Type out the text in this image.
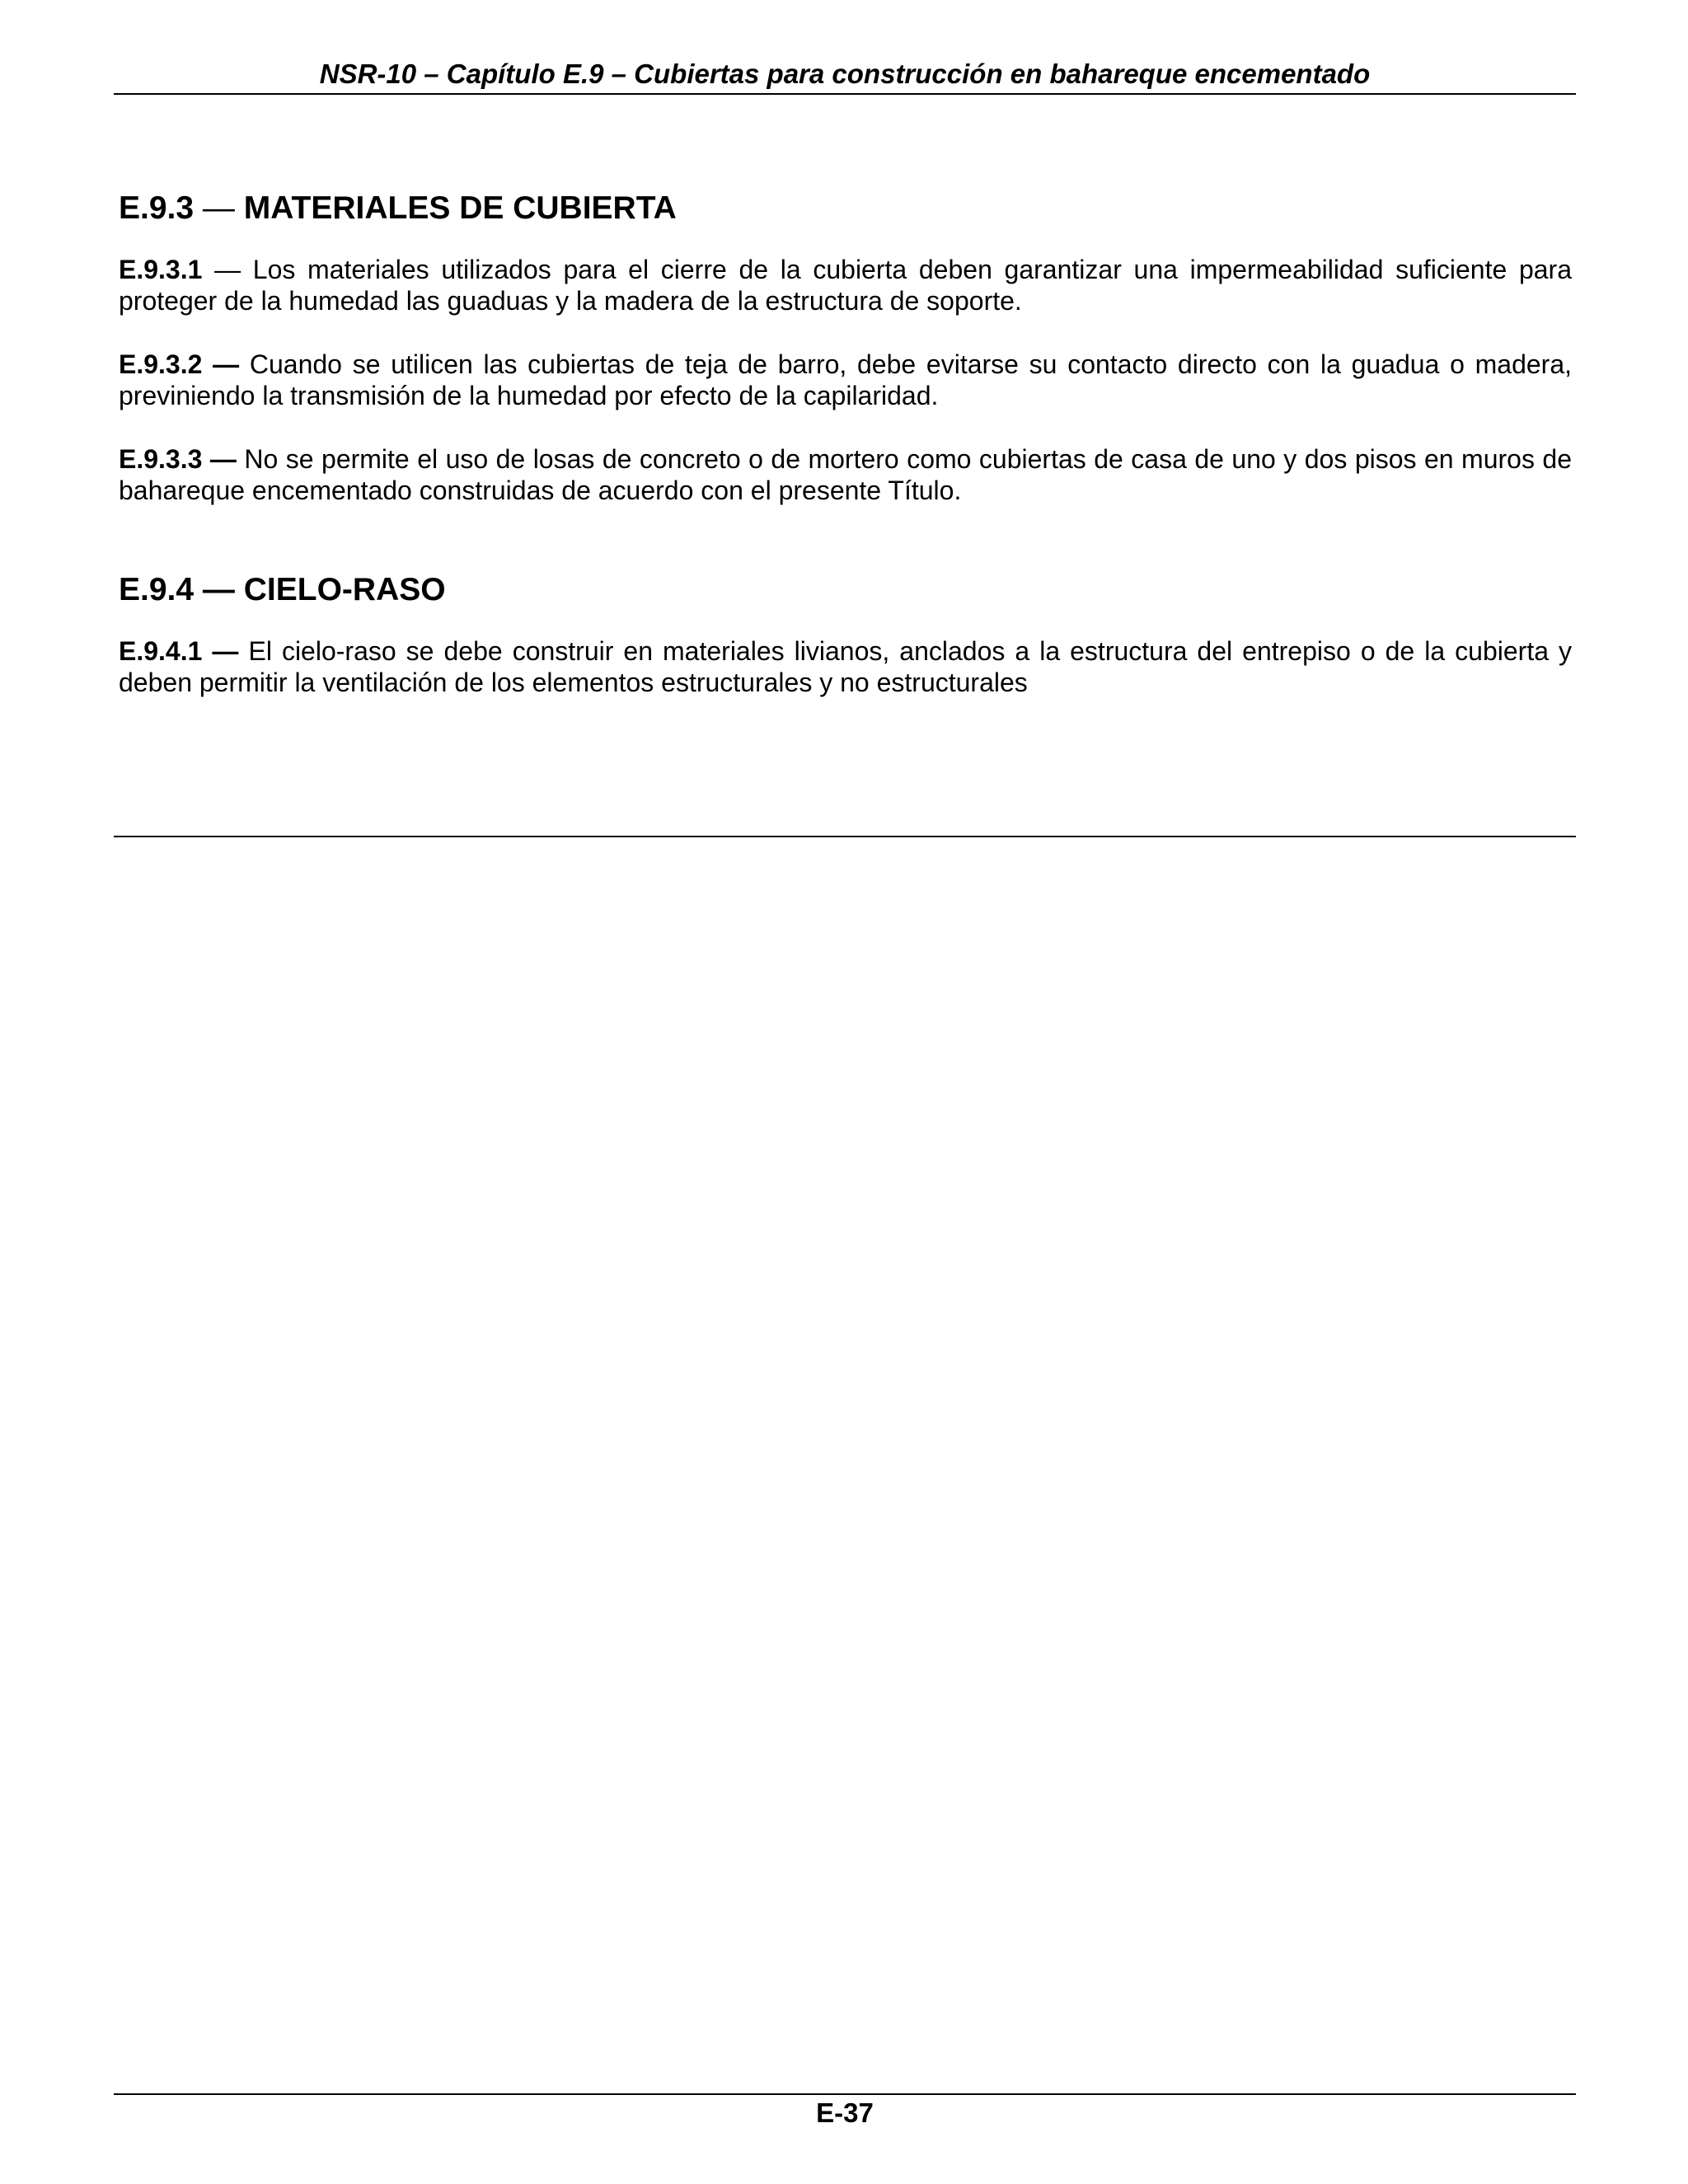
NSR-10 – Capítulo E.9 – Cubiertas para construcción en bahareque encementado
E.9.3 — MATERIALES DE CUBIERTA

E.9.3.1 — Los materiales utilizados para el cierre de la cubierta deben garantizar una impermeabilidad suficiente para proteger de la humedad las guaduas y la madera de la estructura de soporte.

E.9.3.2 — Cuando se utilicen las cubiertas de teja de barro, debe evitarse su contacto directo con la guadua o madera, previniendo la transmisión de la humedad por efecto de la capilaridad.

E.9.3.3 — No se permite el uso de losas de concreto o de mortero como cubiertas de casa de uno y dos pisos en muros de bahareque encementado construidas de acuerdo con el presente Título.

E.9.4 — CIELO-RASO

E.9.4.1 — El cielo-raso se debe construir en materiales livianos, anclados a la estructura del entrepiso o de la cubierta y deben permitir la ventilación de los elementos estructurales y no estructurales

E-37
